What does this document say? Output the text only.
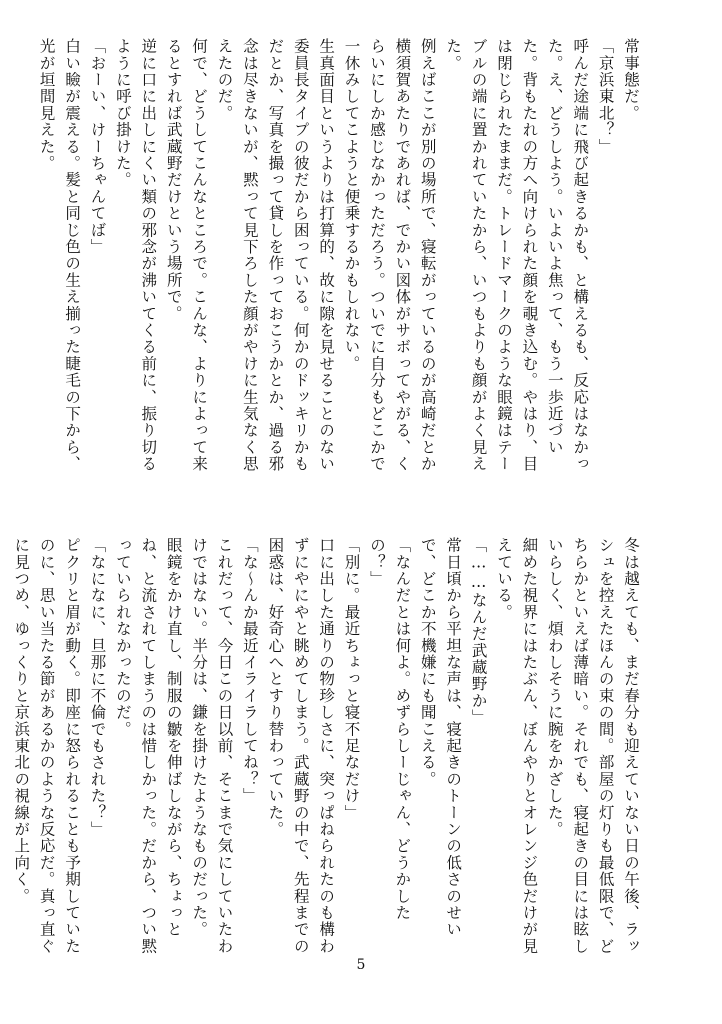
常事態だ。

「京浜東北？」

呼んだ途端に飛び起きるかも、と構えるも、反応はなかった。え、どうしよう。いよいよ焦って、もう一歩近づいた。背もたれの方へ向けられた顔を覗き込む。やはり、目は閉じられたままだ。トレードマークのような眼鏡はテーブルの端に置かれていたから、いつもよりも顔がよく見えた。

例えばここが別の場所で、寝転がっているのが高崎だとか横須賀あたりであれば、でかい図体がサボってやがる、くらいにしか感じなかっただろう。ついでに自分もどこかで一休みしてこようと便乗するかもしれない。

生真面目というよりは打算的、故に隙を見せることのない委員長タイプの彼だから困っている。何かのドッキリかもだとか、写真を撮って貸しを作っておこうかとか、過る邪念は尽きないが、黙って見下ろした顔がやけに生気なく思えたのだ。

何で、どうしてこんなところで。こんな、よりによって来るとすれば武蔵野だけという場所で。

逆に口に出しにくい類の邪念が沸いてくる前に、振り切るように呼び掛けた。

「おーい、けーちゃんてば」

白い瞼が震える。髪と同じ色の生え揃った睫毛の下から、光が垣間見えた。

冬は越えても、まだ春分も迎えていない日の午後、ラッシュを控えたほんの束の間。部屋の灯りも最低限で、どちらかといえば薄暗い。それでも、寝起きの目には眩しいらしく、煩わしそうに腕をかざした。

細めた視界にはたぶん、ぼんやりとオレンジ色だけが見えている。

「……なんだ武蔵野か」

常日頃から平坦な声は、寝起きのトーンの低さのせいで、どこか不機嫌にも聞こえる。

「なんだとは何よ。めずらしーじゃん、どうかしたの？」

「別に。最近ちょっと寝不足なだけ」

口に出した通りの物珍しさに、突っぱねられたのも構わずにやにやと眺めてしまう。武蔵野の中で、先程までの困惑は、好奇心へとすり替わっていた。

「な～んか最近イライラしてね？」

これだって、今日この日以前、そこまで気にしていたわけではない。半分は、鎌を掛けたようなものだった。

眼鏡をかけ直し、制服の皺を伸ばしながら、ちょっとね、と流されてしまうのは惜しかった。だから、つい黙っていられなかったのだ。

「なになに、旦那に不倫でもされた？」

ピクリと眉が動く。即座に怒られることも予期していたのに、思い当たる節があるかのような反応だ。真っ直ぐに見つめ、ゆっくりと京浜東北の視線が上向く。

5
